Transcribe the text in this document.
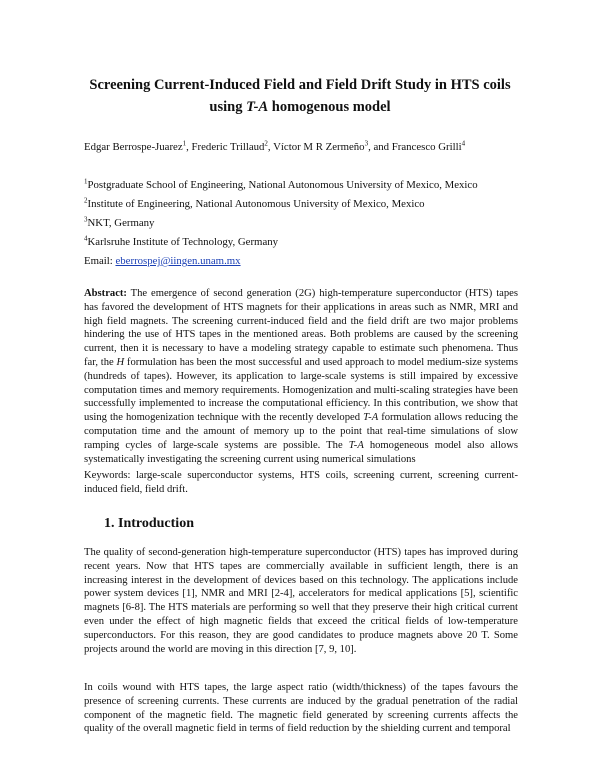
Screening Current-Induced Field and Field Drift Study in HTS coils
using T-A homogenous model
Edgar Berrospe-Juarez$^1$, Frederic Trillaud$^2$, Víctor M R Zermeño$^3$, and Francesco Grilli$^4$
$^1$Postgraduate School of Engineering, National Autonomous University of Mexico, Mexico
$^2$Institute of Engineering, National Autonomous University of Mexico, Mexico
$^3$NKT, Germany
$^4$Karlsruhe Institute of Technology, Germany
Email: eberrospej@iingen.unam.mx

Abstract: The emergence of second generation (2G) high-temperature superconductor (HTS) tapes has favored the development of HTS magnets for their applications in areas such as NMR, MRI and high field magnets. The screening current-induced field and the field drift are two major problems hindering the use of HTS tapes in the mentioned areas. Both problems are caused by the screening current, then it is necessary to have a modeling strategy capable to estimate such phenomena. Thus far, the H formulation has been the most successful and used approach to model medium-size systems (hundreds of tapes). However, its application to large-scale systems is still impaired by excessive computation times and memory requirements. Homogenization and multi-scaling strategies have been successfully implemented to increase the computational efficiency. In this contribution, we show that using the homogenization technique with the recently developed T-A formulation allows reducing the computation time and the amount of memory up to the point that real-time simulations of slow ramping cycles of large-scale systems are possible. The T-A homogeneous model also allows systematically investigating the screening current using numerical simulations

Keywords: large-scale superconductor systems, HTS coils, screening current, screening current-induced field, field drift.

1. Introduction

The quality of second-generation high-temperature superconductor (HTS) tapes has improved during recent years. Now that HTS tapes are commercially available in sufficient length, there is an increasing interest in the development of devices based on this technology. The applications include power system devices [1], NMR and MRI [2-4], accelerators for medical applications [5], scientific magnets [6-8]. The HTS materials are performing so well that they preserve their high critical current even under the effect of high magnetic fields that exceed the critical fields of low-temperature superconductors. For this reason, they are good candidates to produce magnets above 20 T. Some projects around the world are moving in this direction [7, 9, 10].

In coils wound with HTS tapes, the large aspect ratio (width/thickness) of the tapes favours the presence of screening currents. These currents are induced by the gradual penetration of the radial component of the magnetic field. The magnetic field generated by screening currents affects the quality of the overall magnetic field in terms of field reduction by the shielding current and temporal
